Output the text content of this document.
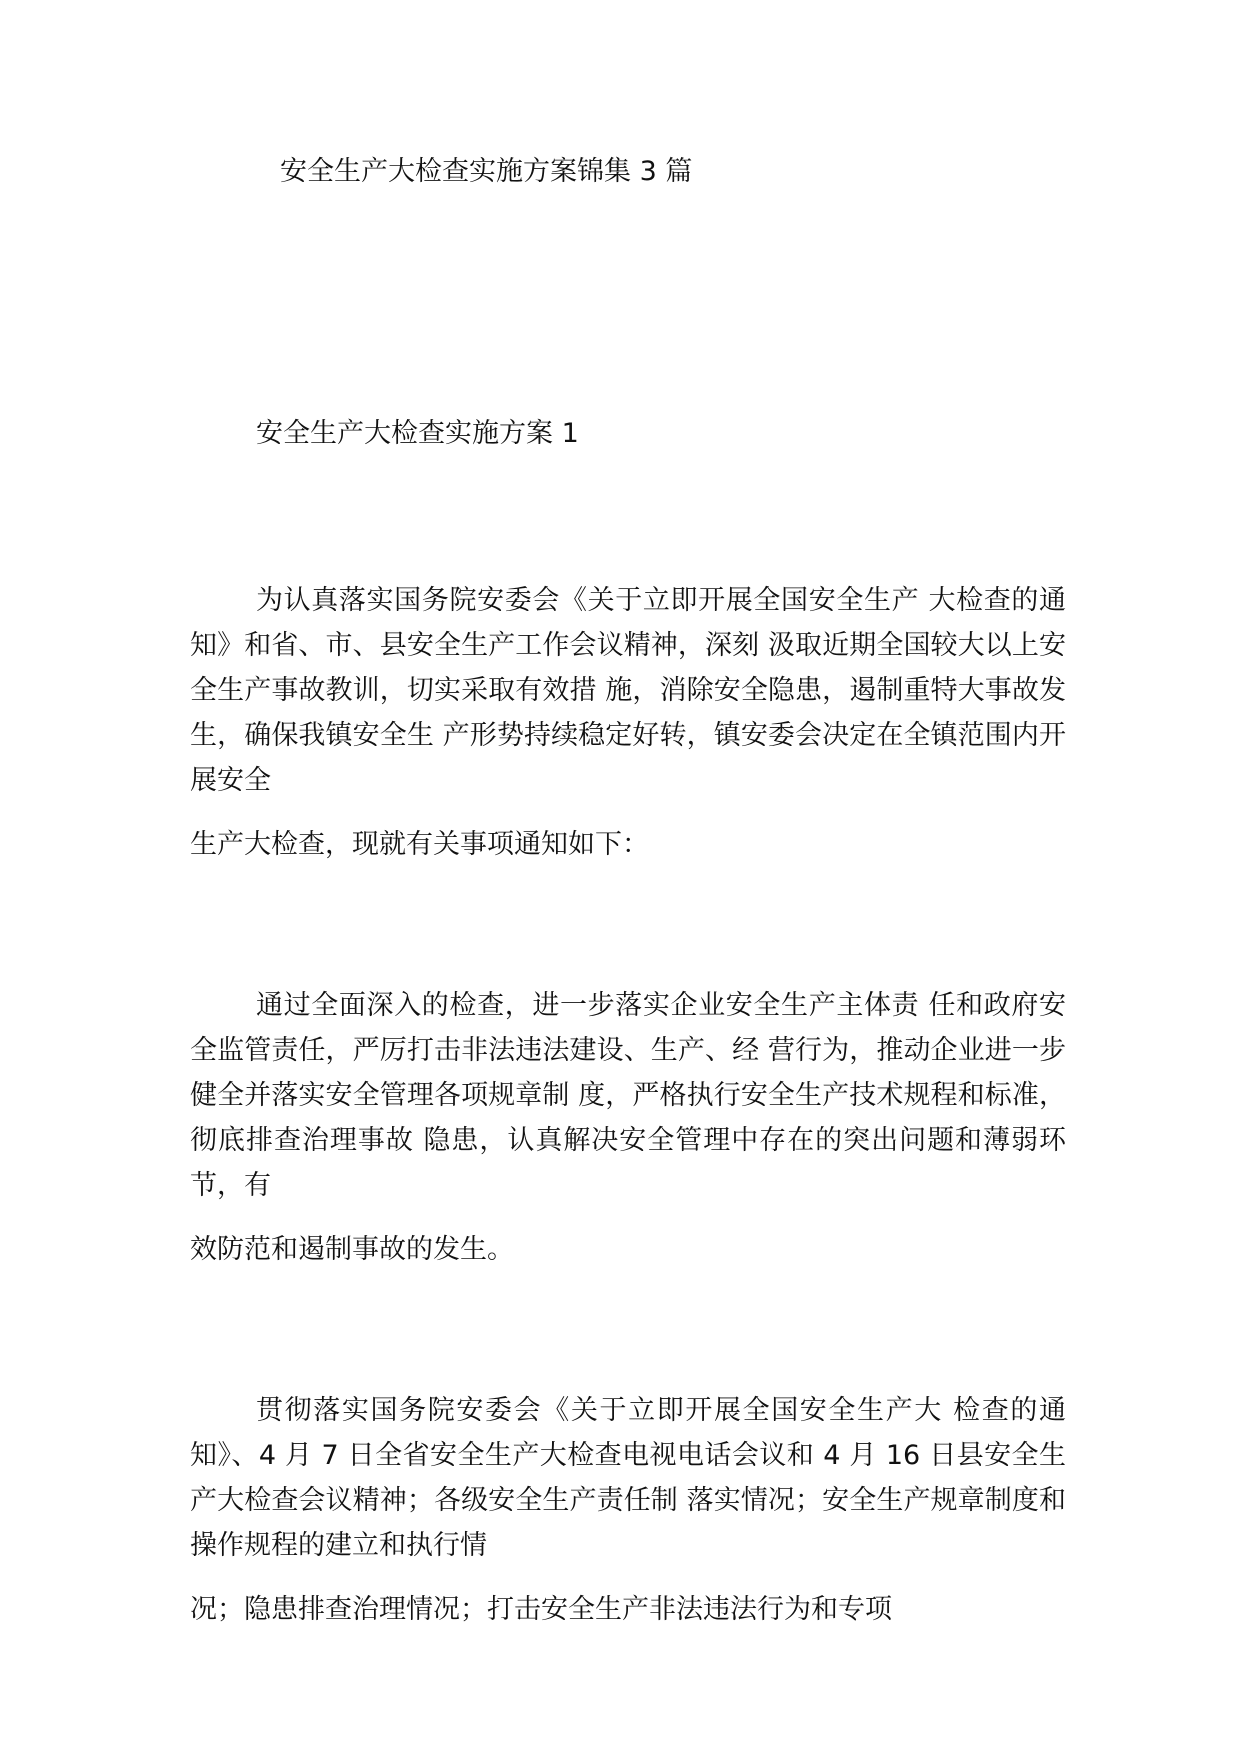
安全生产大检查实施方案锦集 3 篇
安全生产大检查实施方案 1

为认真落实国务院安委会《关于立即开展全国安全生产 大检查的通知》和省、市、县安全生产工作会议精神，深刻 汲取近期全国较大以上安全生产事故教训，切实采取有效措 施，消除安全隐患，遏制重特大事故发生，确保我镇安全生 产形势持续稳定好转，镇安委会决定在全镇范围内开展安全

生产大检查，现就有关事项通知如下：

通过全面深入的检查，进一步落实企业安全生产主体责 任和政府安全监管责任，严厉打击非法违法建设、生产、经 营行为，推动企业进一步健全并落实安全管理各项规章制 度，严格执行安全生产技术规程和标准，彻底排查治理事故 隐患，认真解决安全管理中存在的突出问题和薄弱环节，有

效防范和遏制事故的发生。

贯彻落实国务院安委会《关于立即开展全国安全生产大 检查的通知》、4 月 7 日全省安全生产大检查电视电话会议和 4 月 16 日县安全生产大检查会议精神；各级安全生产责任制 落实情况；安全生产规章制度和操作规程的建立和执行情

况；隐患排查治理情况；打击安全生产非法违法行为和专项
